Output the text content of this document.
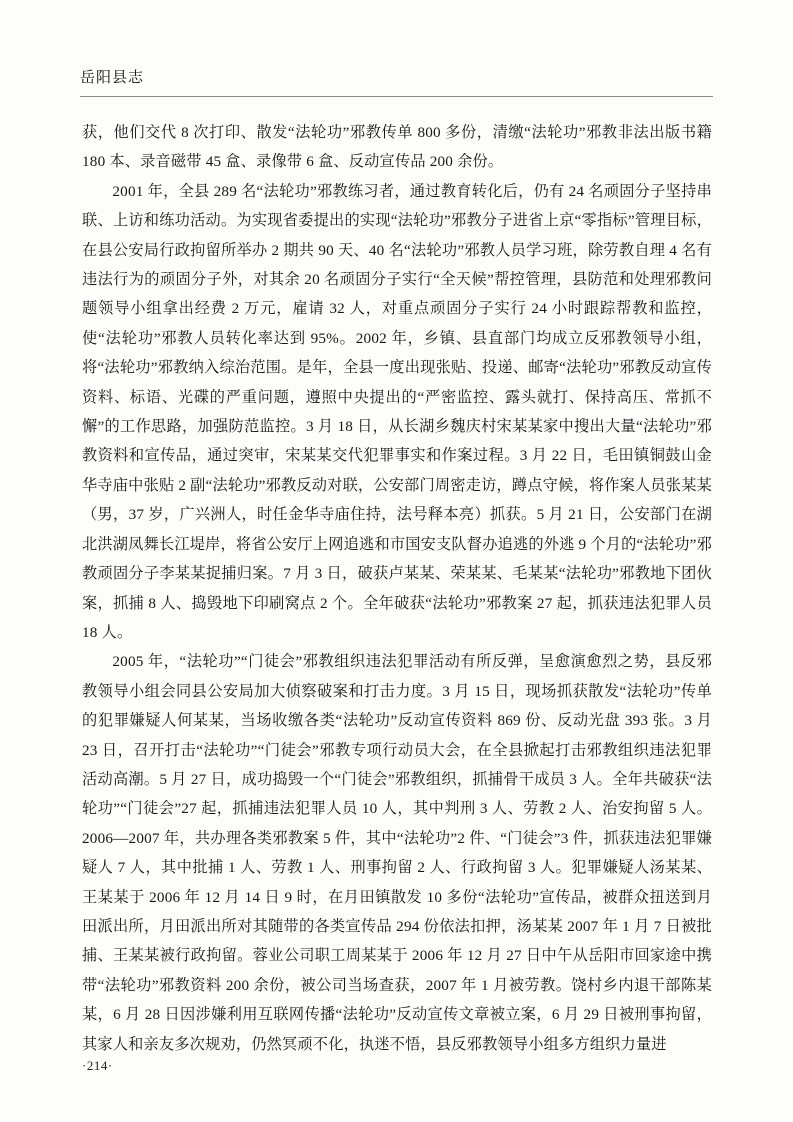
岳阳县志

获，他们交代 8 次打印、散发“法轮功”邪教传单 800 多份，清缴“法轮功”邪教非法出版书籍 180 本、录音磁带 45 盒、录像带 6 盒、反动宣传品 200 余份。

2001 年，全县 289 名“法轮功”邪教练习者，通过教育转化后，仍有 24 名顽固分子坚持串联、上访和练功活动。为实现省委提出的实现“法轮功”邪教分子进省上京“零指标”管理目标，在县公安局行政拘留所举办 2 期共 90 天、40 名“法轮功”邪教人员学习班，除劳教自理 4 名有违法行为的顽固分子外，对其余 20 名顽固分子实行“全天候”帮控管理，县防范和处理邪教问题领导小组拿出经费 2 万元，雇请 32 人，对重点顽固分子实行 24 小时跟踪帮教和监控，使“法轮功”邪教人员转化率达到 95%。2002 年，乡镇、县直部门均成立反邪教领导小组，将“法轮功”邪教纳入综治范围。是年，全县一度出现张贴、投递、邮寄“法轮功”邪教反动宣传资料、标语、光碟的严重问题，遵照中央提出的“严密监控、露头就打、保持高压、常抓不懈”的工作思路，加强防范监控。3 月 18 日，从长湖乡魏庆村宋某某家中搜出大量“法轮功”邪教资料和宣传品，通过突审，宋某某交代犯罪事实和作案过程。3 月 22 日，毛田镇铜鼓山金华寺庙中张贴 2 副“法轮功”邪教反动对联，公安部门周密走访，蹲点守候，将作案人员张某某（男，37 岁，广兴洲人，时任金华寺庙住持，法号释本亮）抓获。5 月 21 日，公安部门在湖北洪湖凤舞长江堤岸，将省公安厅上网追逃和市国安支队督办追逃的外逃 9 个月的“法轮功”邪教顽固分子李某某捉捕归案。7 月 3 日，破获卢某某、荣某某、毛某某“法轮功”邪教地下团伙案，抓捕 8 人、捣毁地下印刷窝点 2 个。全年破获“法轮功”邪教案 27 起，抓获违法犯罪人员 18 人。

2005 年，“法轮功”“门徒会”邪教组织违法犯罪活动有所反弹，呈愈演愈烈之势，县反邪教领导小组会同县公安局加大侦察破案和打击力度。3 月 15 日，现场抓获散发“法轮功”传单的犯罪嫌疑人何某某，当场收缴各类“法轮功”反动宣传资料 869 份、反动光盘 393 张。3 月 23 日，召开打击“法轮功”“门徒会”邪教专项行动员大会，在全县掀起打击邪教组织违法犯罪活动高潮。5 月 27 日，成功捣毁一个“门徒会”邪教组织，抓捕骨干成员 3 人。全年共破获“法轮功”“门徒会”27 起，抓捕违法犯罪人员 10 人，其中判刑 3 人、劳教 2 人、治安拘留 5 人。2006—2007 年，共办理各类邪教案 5 件，其中“法轮功”2 件、“门徒会”3 件，抓获违法犯罪嫌疑人 7 人，其中批捕 1 人、劳教 1 人、刑事拘留 2 人、行政拘留 3 人。犯罪嫌疑人汤某某、王某某于 2006 年 12 月 14 日 9 时，在月田镇散发 10 多份“法轮功”宣传品，被群众扭送到月田派出所，月田派出所对其随带的各类宣传品 294 份依法扣押，汤某某 2007 年 1 月 7 日被批捕、王某某被行政拘留。蓉业公司职工周某某于 2006 年 12 月 27 日中午从岳阳市回家途中携带“法轮功”邪教资料 200 余份，被公司当场查获，2007 年 1 月被劳教。饶村乡内退干部陈某某，6 月 28 日因涉嫌利用互联网传播“法轮功”反动宣传文章被立案，6 月 29 日被刑事拘留，其家人和亲友多次规劝，仍然冥顽不化，执迷不悟，县反邪教领导小组多方组织力量进

·214·
